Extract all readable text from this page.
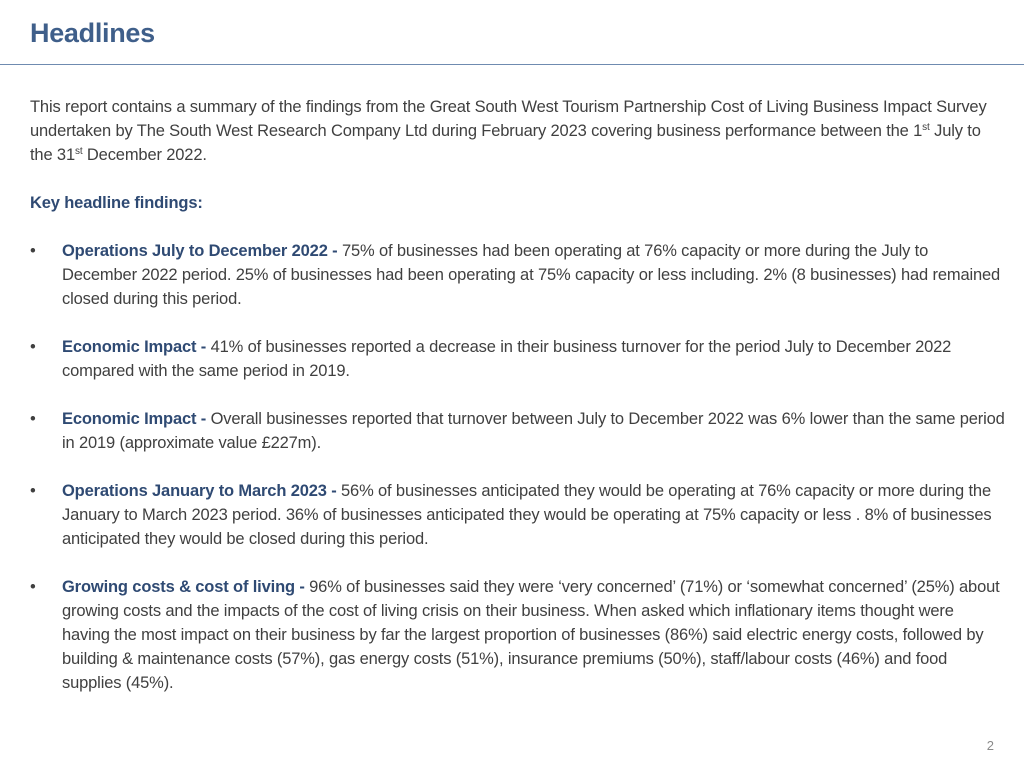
Headlines

This report contains a summary of the findings from the Great South West Tourism Partnership Cost of Living Business Impact Survey undertaken by The South West Research Company Ltd during February 2023 covering business performance between the 1st July to the 31st December 2022.

Key headline findings:

•	Operations July to December 2022 - 75% of businesses had been operating at 76% capacity or more during the July to December 2022 period. 25% of businesses had been operating at 75% capacity or less including. 2% (8 businesses) had remained closed during this period.
•	Economic Impact - 41% of businesses reported a decrease in their business turnover for the period July to December 2022 compared with the same period in 2019.
•	Economic Impact - Overall businesses reported that turnover between July to December 2022 was 6% lower than the same period in 2019 (approximate value £227m).
•	Operations January to March 2023 - 56% of businesses anticipated they would be operating at 76% capacity or more during the January to March 2023 period. 36% of businesses anticipated they would be operating at 75% capacity or less . 8% of businesses anticipated they would be closed during this period.
•	Growing costs & cost of living - 96% of businesses said they were ‘very concerned’ (71%) or ‘somewhat concerned’ (25%) about growing costs and the impacts of the cost of living crisis on their business. When asked which inflationary items thought were having the most impact on their business by far the largest proportion of businesses (86%) said electric energy costs, followed by building & maintenance costs (57%), gas energy costs (51%), insurance premiums (50%), staff/labour costs (46%) and food supplies (45%).
2
